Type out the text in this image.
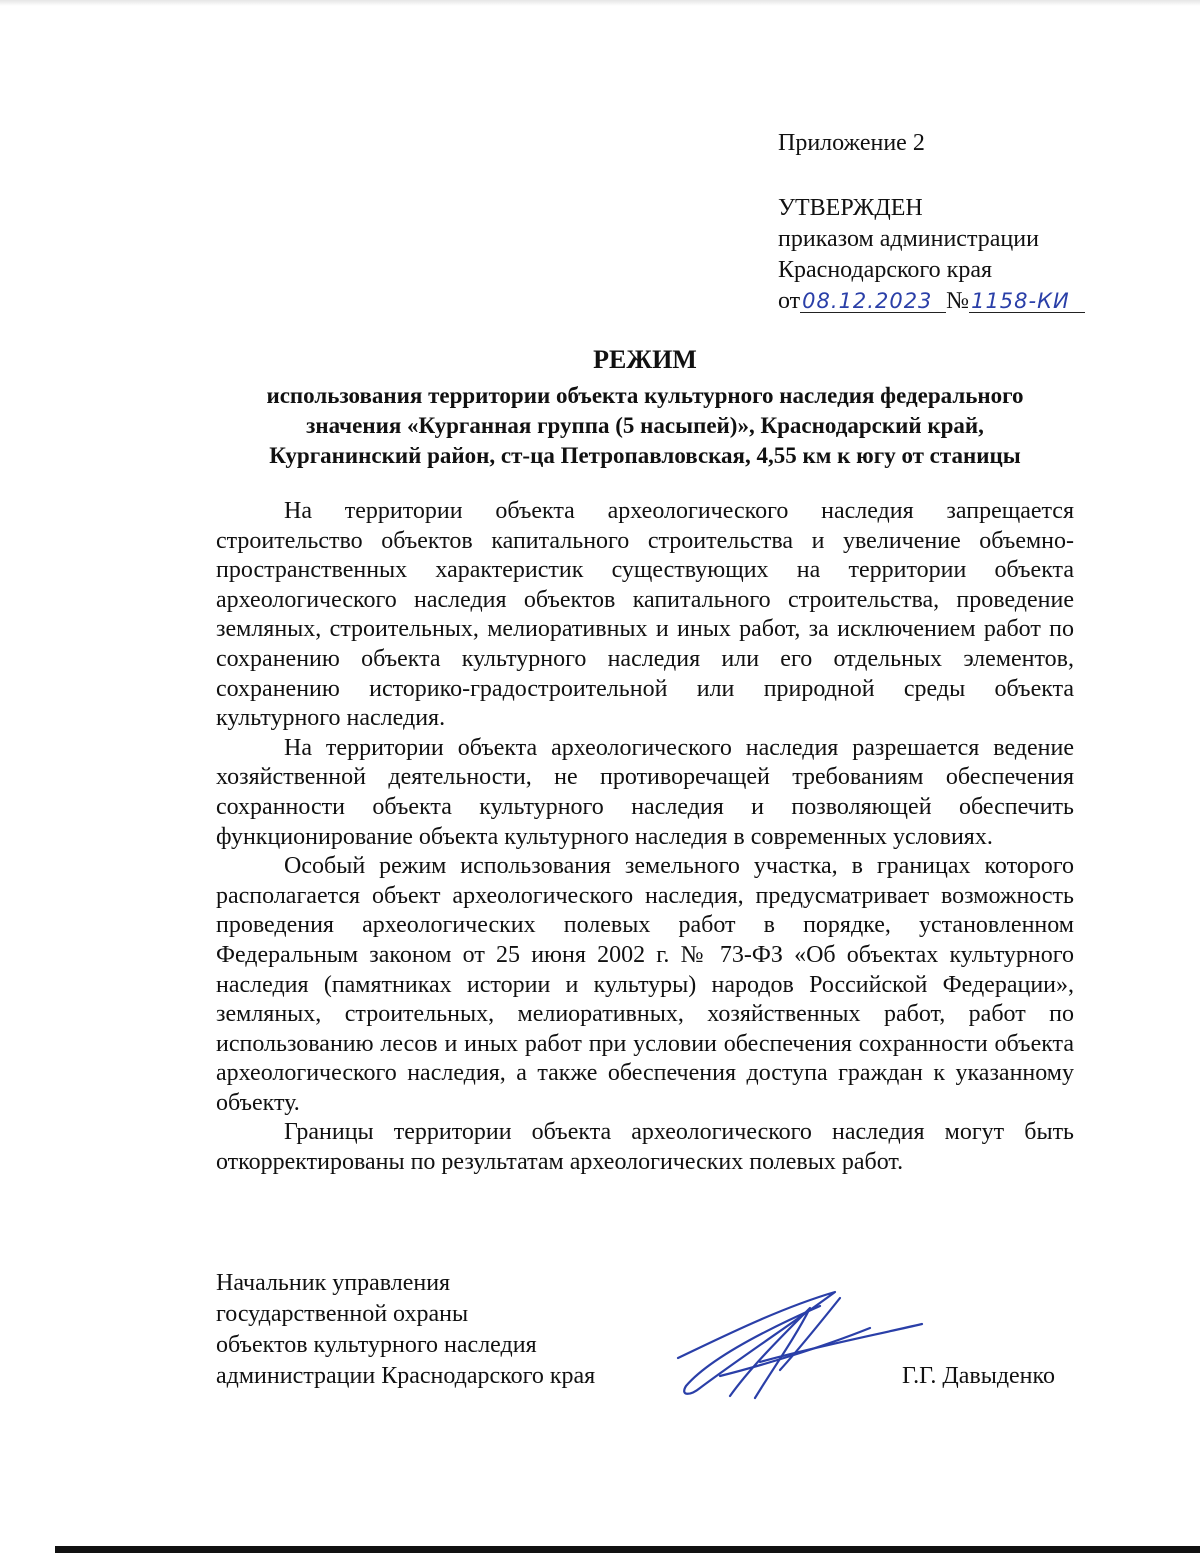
Приложение 2
УТВЕРЖДЕН
приказом администрации
Краснодарского края
от08.12.2023 №1158-КИ
РЕЖИМ
использования территории объекта культурного наследия федерального
значения «Курганная группа (5 насыпей)», Краснодарский край,
Курганинский район, ст-ца Петропавловская, 4,55 км к югу от станицы

На территории объекта археологического наследия запрещается строительство объектов капитального строительства и увеличение объемно-пространственных характеристик существующих на территории объекта археологического наследия объектов капитального строительства, проведение земляных, строительных, мелиоративных и иных работ, за исключением работ по сохранению объекта культурного наследия или его отдельных элементов, сохранению историко-градостроительной или природной среды объекта культурного наследия.

На территории объекта археологического наследия разрешается ведение хозяйственной деятельности, не противоречащей требованиям обеспечения сохранности объекта культурного наследия и позволяющей обеспечить функционирование объекта культурного наследия в современных условиях.

Особый режим использования земельного участка, в границах которого располагается объект археологического наследия, предусматривает возможность проведения археологических полевых работ в порядке, установленном Федеральным законом от 25 июня 2002 г. № 73-ФЗ «Об объектах культурного наследия (памятниках истории и культуры) народов Российской Федерации», земляных, строительных, мелиоративных, хозяйственных работ, работ по использованию лесов и иных работ при условии обеспечения сохранности объекта археологического наследия, а также обеспечения доступа граждан к указанному объекту.

Границы территории объекта археологического наследия могут быть откорректированы по результатам археологических полевых работ.

Начальник управления
государственной охраны
объектов культурного наследия
администрации Краснодарского края	Г.Г. Давыденко
